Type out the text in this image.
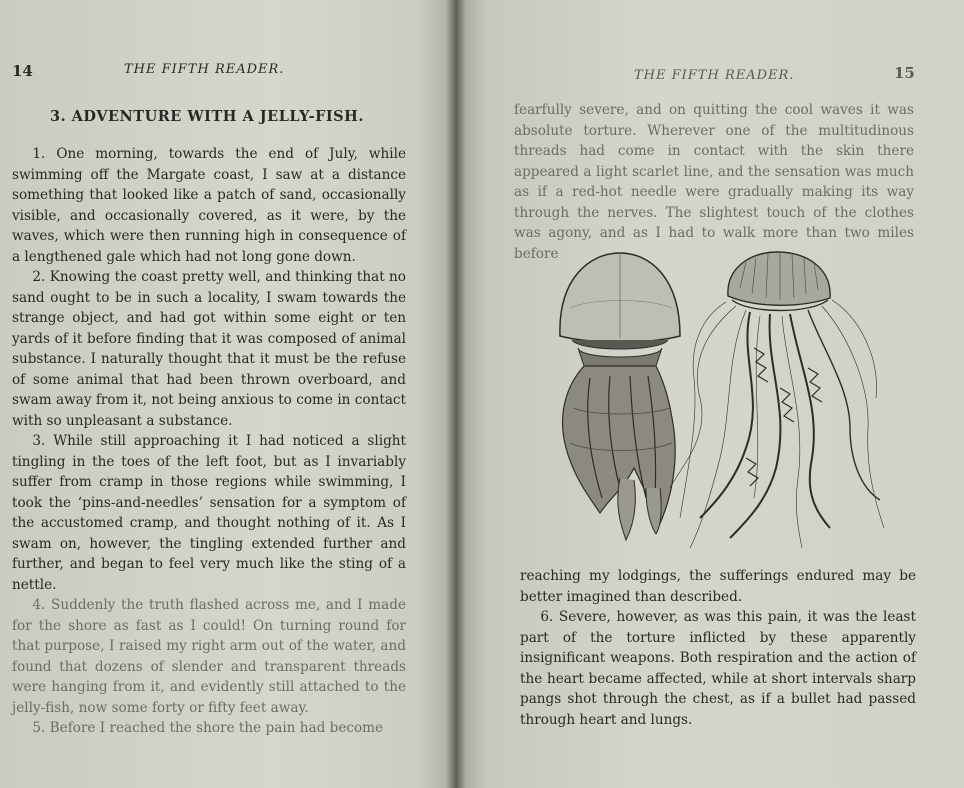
14	THE FIFTH READER.
3. ADVENTURE WITH A JELLY-FISH.

1. One morning, towards the end of July, while swimming off the Margate coast, I saw at a distance something that looked like a patch of sand, occasionally visible, and occasionally covered, as it were, by the waves, which were then running high in consequence of a lengthened gale which had not long gone down.

2. Knowing the coast pretty well, and thinking that no sand ought to be in such a locality, I swam towards the strange object, and had got within some eight or ten yards of it before finding that it was composed of animal substance. I naturally thought that it must be the refuse of some animal that had been thrown overboard, and swam away from it, not being anxious to come in contact with so unpleasant a substance.

3. While still approaching it I had noticed a slight tingling in the toes of the left foot, but as I invariably suffer from cramp in those regions while swimming, I took the ‘pins-and-needles’ sensation for a symptom of the accustomed cramp, and thought nothing of it. As I swam on, however, the tingling extended further and further, and began to feel very much like the sting of a nettle.

4. Suddenly the truth flashed across me, and I made for the shore as fast as I could! On turning round for that purpose, I raised my right arm out of the water, and found that dozens of slender and transparent threads were hanging from it, and evidently still attached to the jelly-fish, now some forty or fifty feet away.

5. Before I reached the shore the pain had become

THE FIFTH READER.	15

fearfully severe, and on quitting the cool waves it was absolute torture. Wherever one of the multitudinous threads had come in contact with the skin there appeared a light scarlet line, and the sensation was much as if a red-hot needle were gradually making its way through the nerves. The slightest touch of the clothes was agony, and as I had to walk more than two miles before

reaching my lodgings, the sufferings endured may be better imagined than described.

6. Severe, however, as was this pain, it was the least part of the torture inflicted by these apparently insignificant weapons. Both respiration and the action of the heart became affected, while at short intervals sharp pangs shot through the chest, as if a bullet had passed through heart and lungs.
